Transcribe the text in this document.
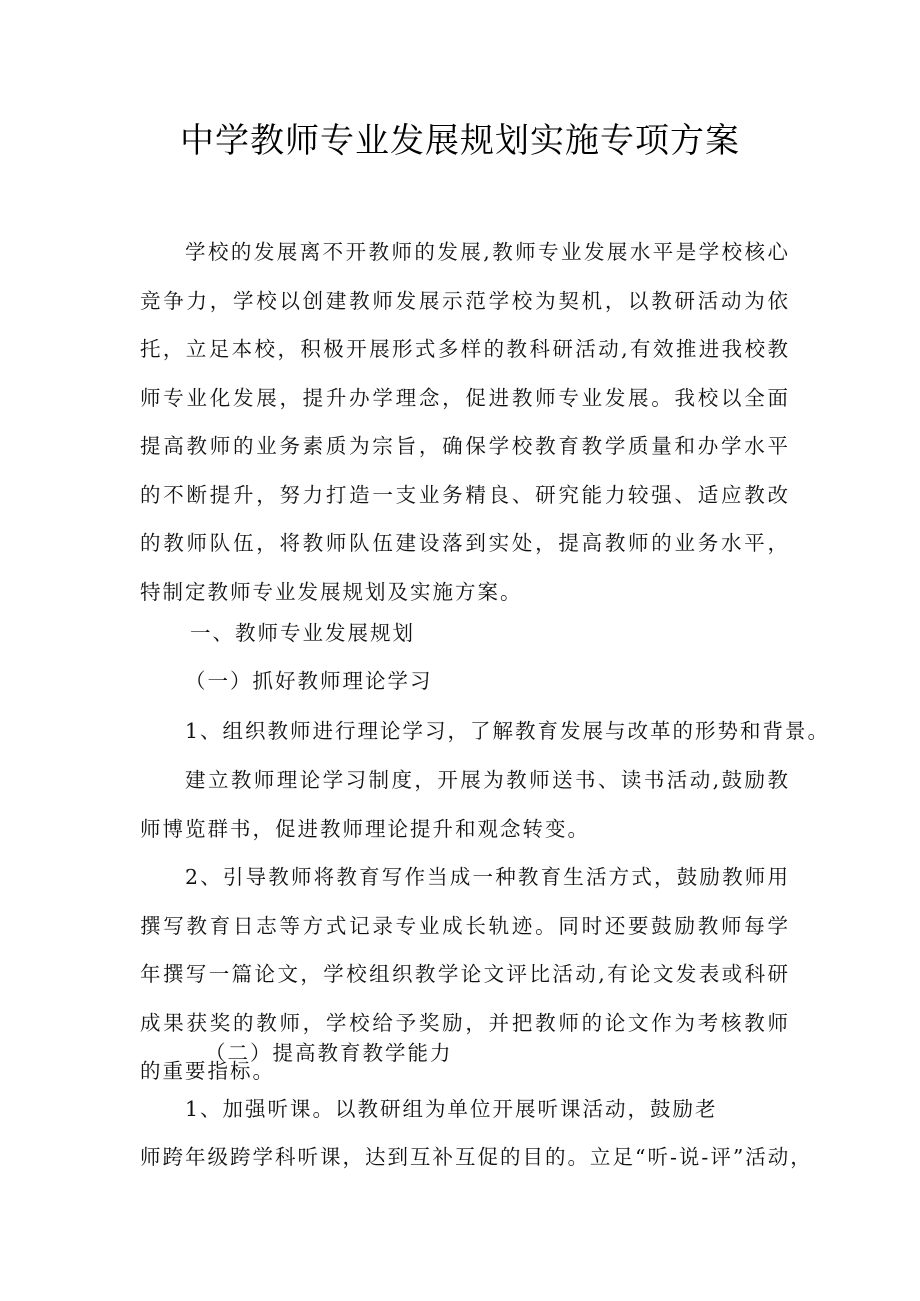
中学教师专业发展规划实施专项方案
学校的发展离不开教师的发展,教师专业发展水平是学校核心竞争力，学校以创建教师发展示范学校为契机，以教研活动为依托，立足本校，积极开展形式多样的教科研活动,有效推进我校教师专业化发展，提升办学理念，促进教师专业发展。我校以全面提高教师的业务素质为宗旨，确保学校教育教学质量和办学水平的不断提升，努力打造一支业务精良、研究能力较强、适应教改的教师队伍，将教师队伍建设落到实处，提高教师的业务水平，特制定教师专业发展规划及实施方案。
一、教师专业发展规划
（一）抓好教师理论学习
1、组织教师进行理论学习，了解教育发展与改革的形势和背景。
建立教师理论学习制度，开展为教师送书、读书活动,鼓励教师博览群书，促进教师理论提升和观念转变。
2、引导教师将教育写作当成一种教育生活方式，鼓励教师用撰写教育日志等方式记录专业成长轨迹。同时还要鼓励教师每学年撰写一篇论文，学校组织教学论文评比活动,有论文发表或科研成果获奖的教师，学校给予奖励，并把教师的论文作为考核教师的重要指标。
（二）提高教育教学能力
1、加强听课。以教研组为单位开展听课活动，鼓励老
师跨年级跨学科听课，达到互补互促的目的。立足“听-说-评”活动，
